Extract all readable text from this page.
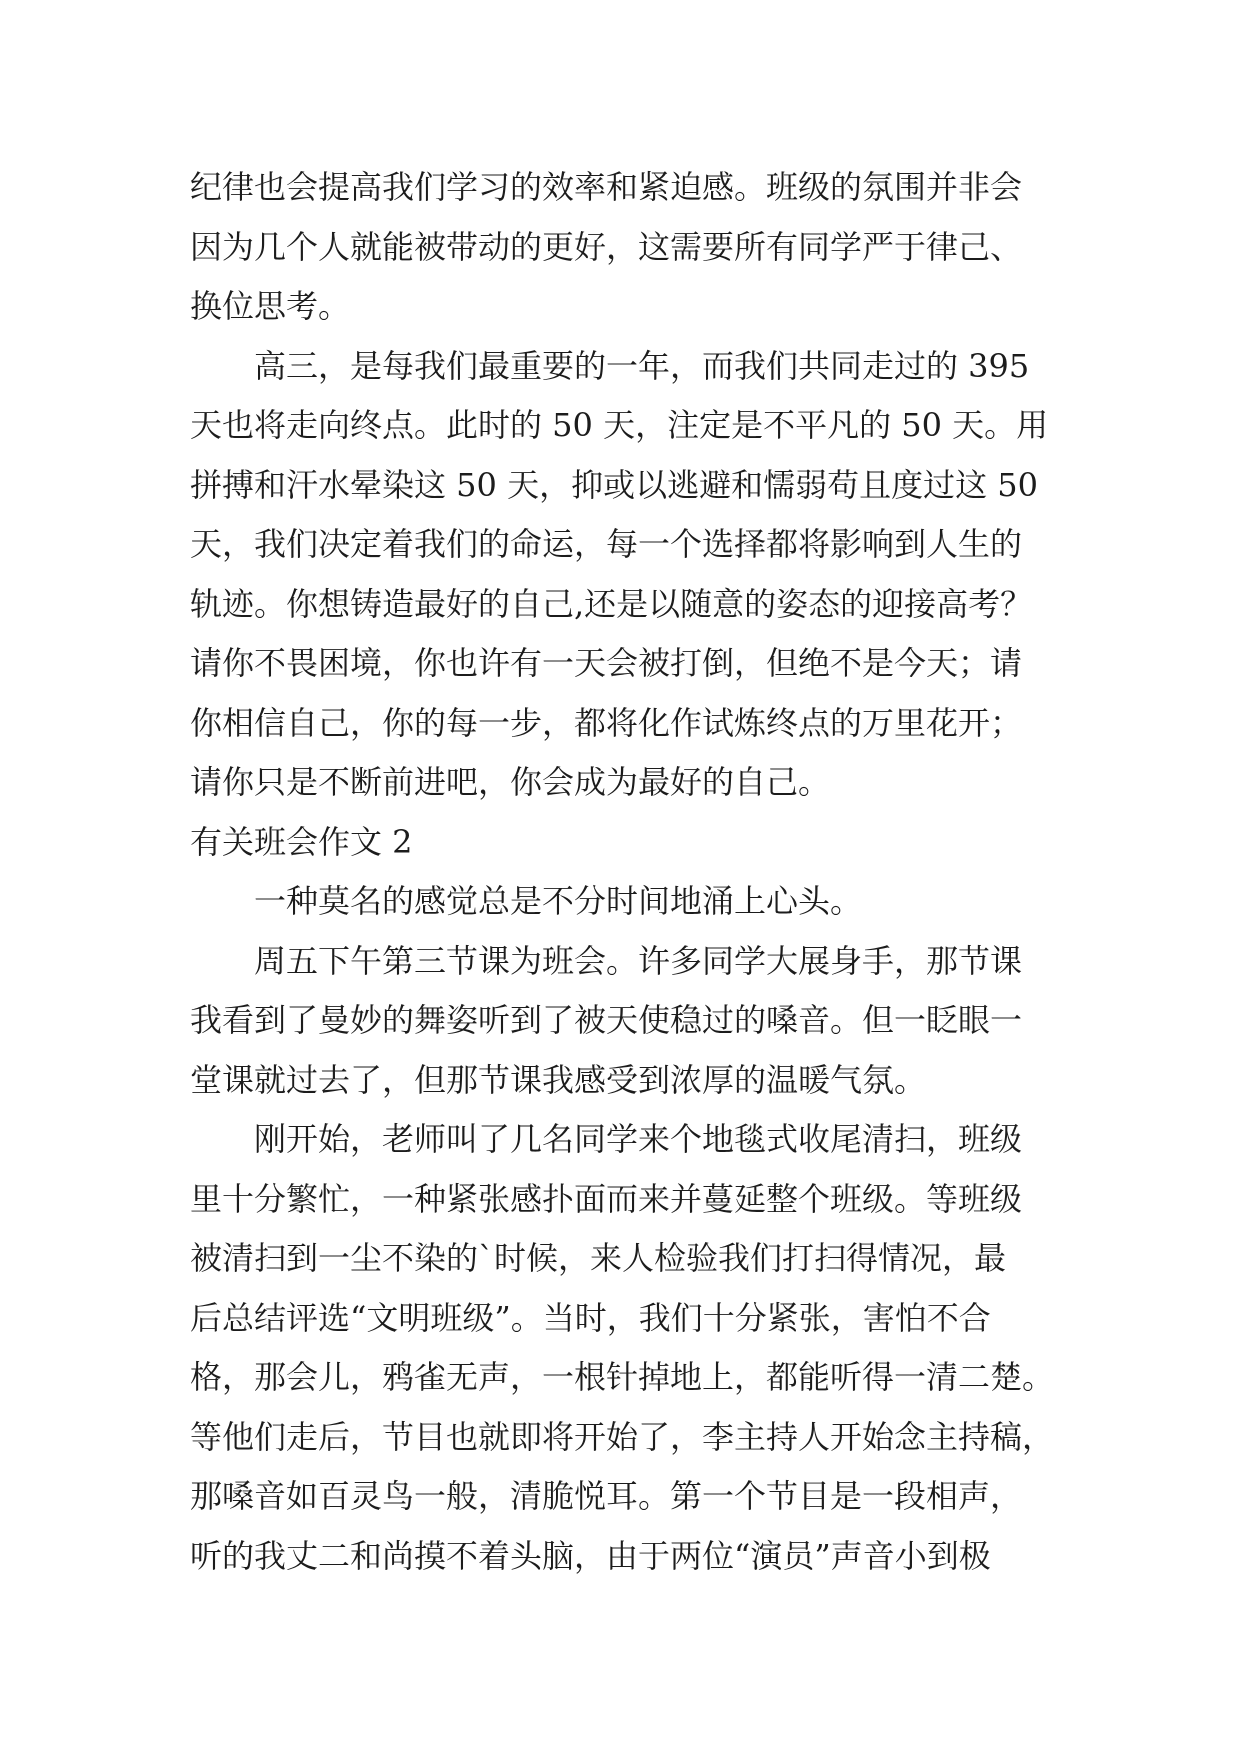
纪律也会提高我们学习的效率和紧迫感。班级的氛围并非会
因为几个人就能被带动的更好，这需要所有同学严于律己、
换位思考。
高三，是每我们最重要的一年，而我们共同走过的 395
天也将走向终点。此时的 50 天，注定是不平凡的 50 天。用
拼搏和汗水晕染这 50 天，抑或以逃避和懦弱苟且度过这 50
天，我们决定着我们的命运，每一个选择都将影响到人生的
轨迹。你想铸造最好的自己,还是以随意的姿态的迎接高考？
请你不畏困境，你也许有一天会被打倒，但绝不是今天；请
你相信自己，你的每一步，都将化作试炼终点的万里花开；
请你只是不断前进吧，你会成为最好的自己。
有关班会作文 2
一种莫名的感觉总是不分时间地涌上心头。
周五下午第三节课为班会。许多同学大展身手，那节课
我看到了曼妙的舞姿听到了被天使稳过的嗓音。但一眨眼一
堂课就过去了，但那节课我感受到浓厚的温暖气氛。
刚开始，老师叫了几名同学来个地毯式收尾清扫，班级
里十分繁忙，一种紧张感扑面而来并蔓延整个班级。等班级
被清扫到一尘不染的`时候，来人检验我们打扫得情况，最
后总结评选“文明班级”。当时，我们十分紧张，害怕不合
格，那会儿，鸦雀无声，一根针掉地上，都能听得一清二楚。
等他们走后，节目也就即将开始了，李主持人开始念主持稿，
那嗓音如百灵鸟一般，清脆悦耳。第一个节目是一段相声，
听的我丈二和尚摸不着头脑，由于两位“演员”声音小到极
